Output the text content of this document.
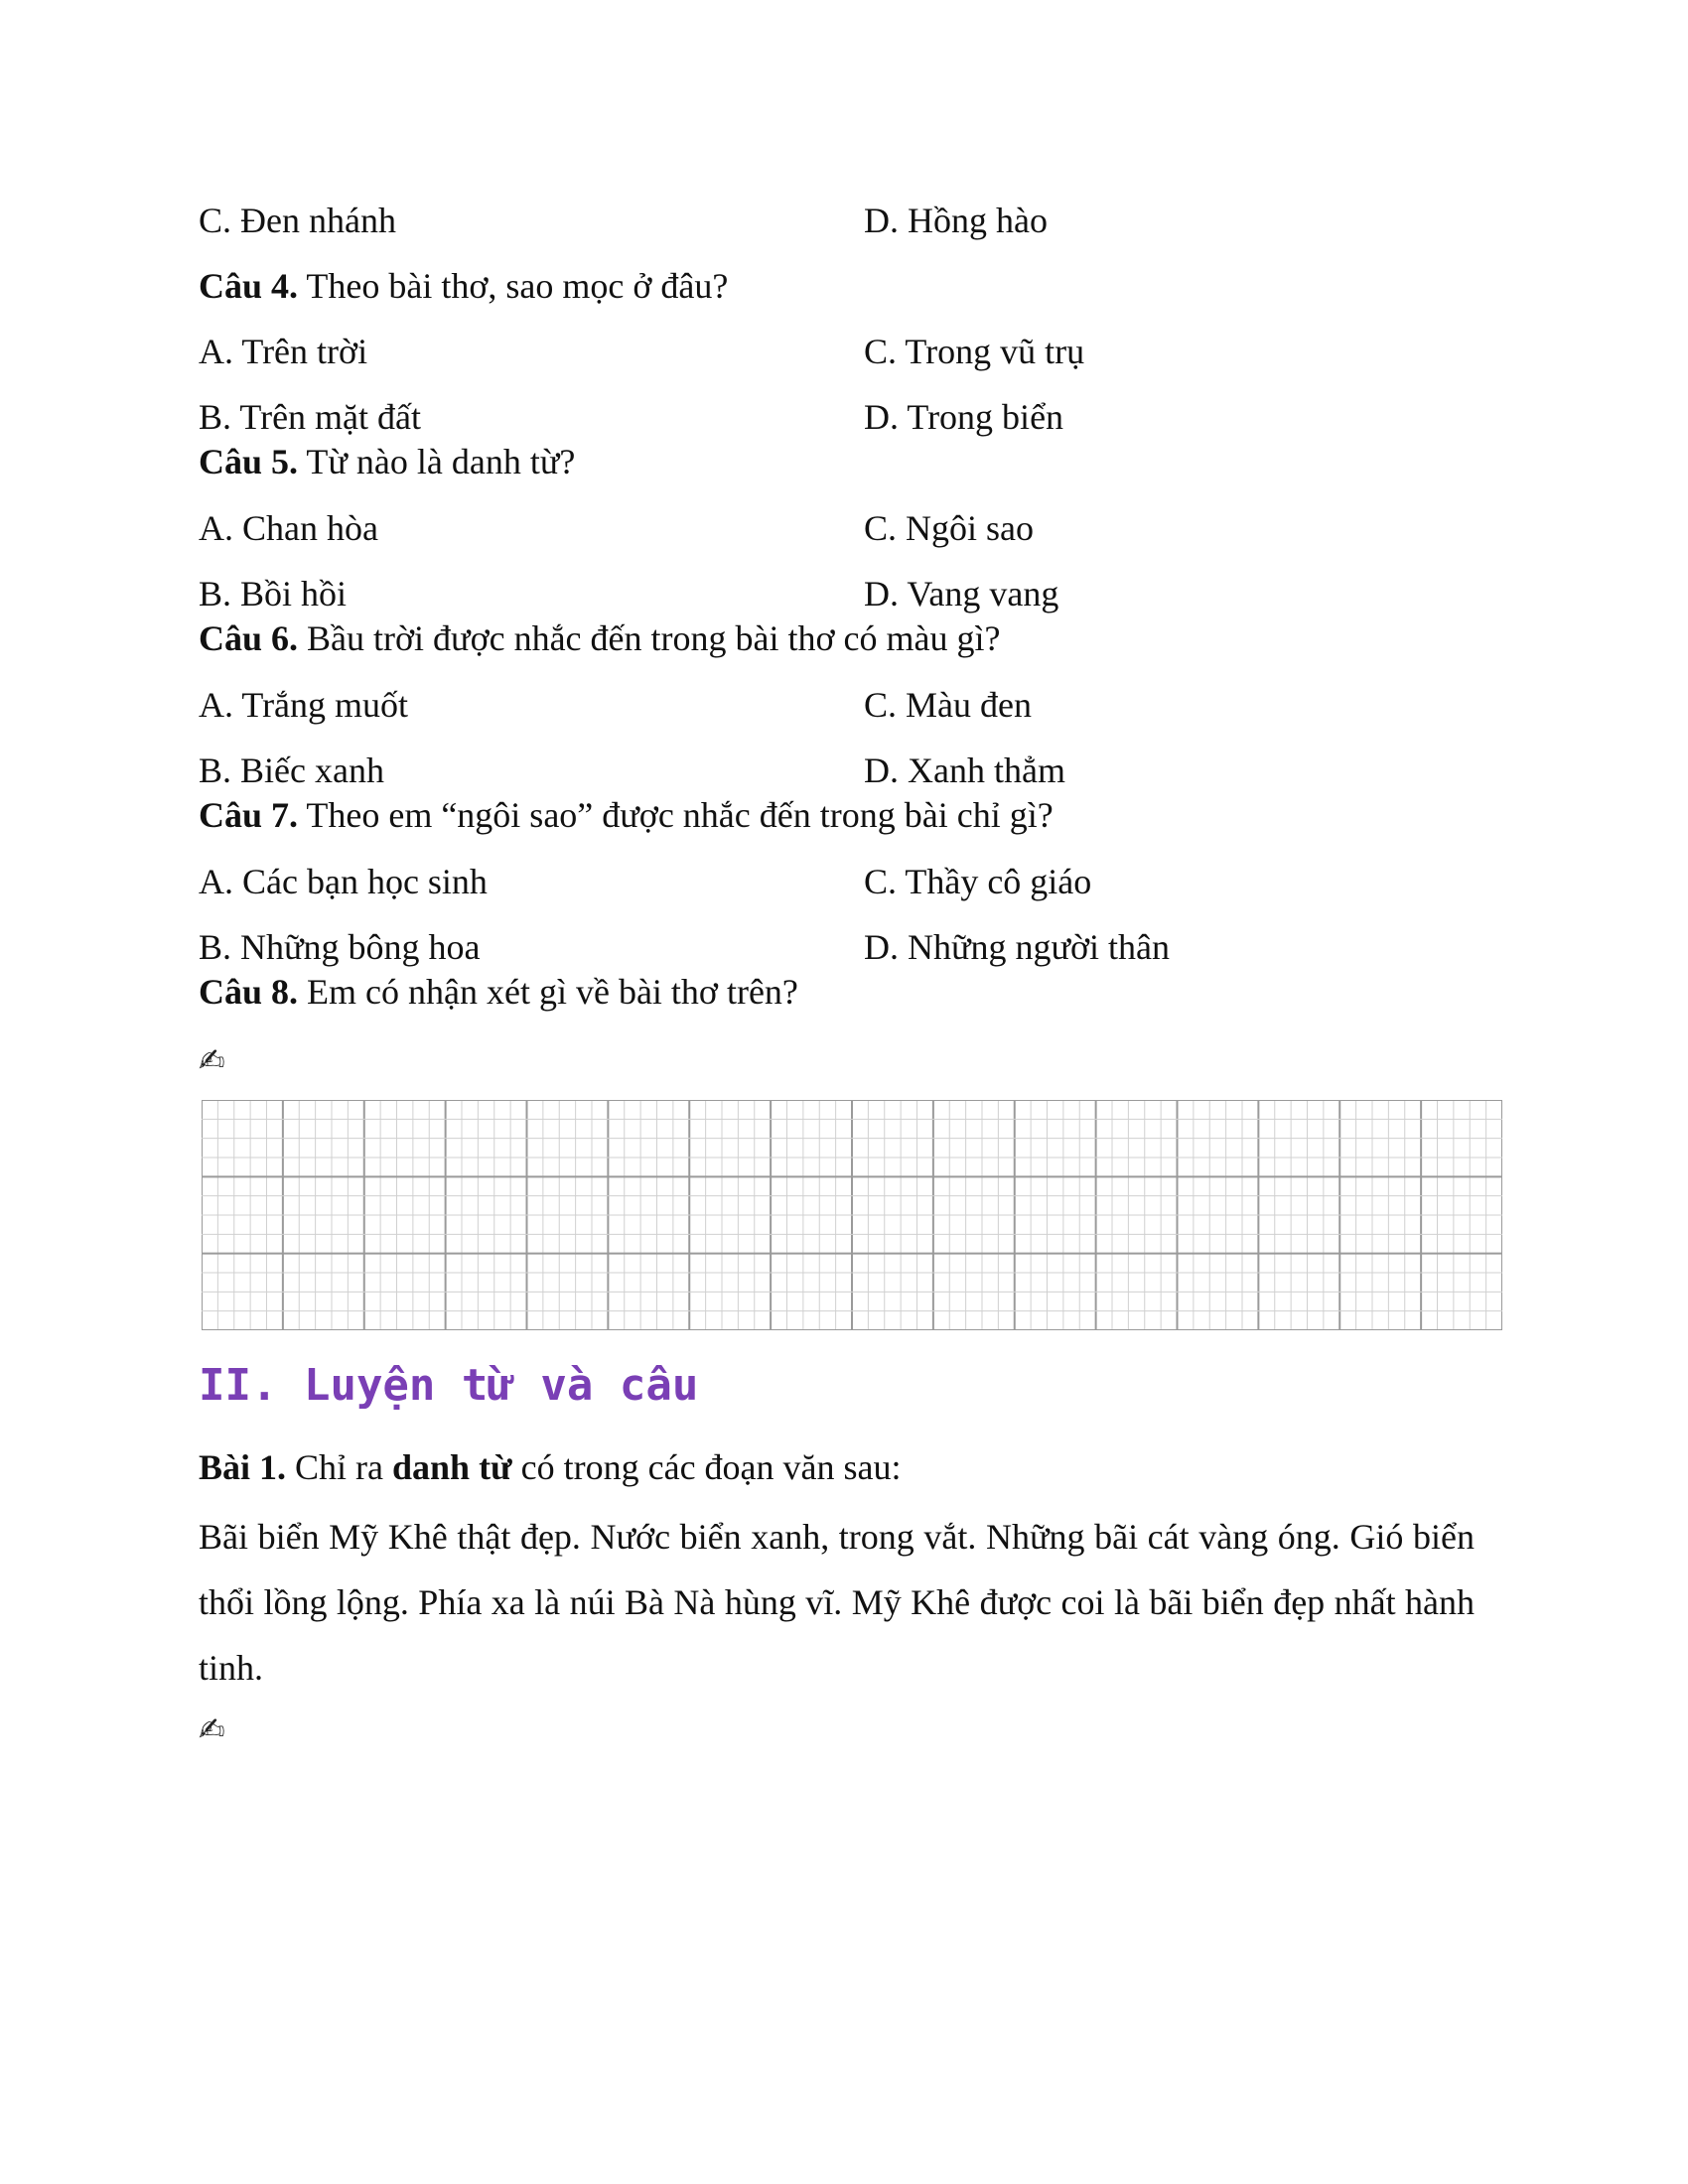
C. Đen nhánh	D. Hồng hào
Câu 4. Theo bài thơ, sao mọc ở đâu?
A. Trên trời	C. Trong vũ trụ
B. Trên mặt đất	D. Trong biển
Câu 5. Từ nào là danh từ?
A. Chan hòa	C. Ngôi sao
B. Bồi hồi	D. Vang vang
Câu 6. Bầu trời được nhắc đến trong bài thơ có màu gì?
A. Trắng muốt	C. Màu đen
B. Biếc xanh	D. Xanh thẳm
Câu 7. Theo em “ngôi sao” được nhắc đến trong bài chỉ gì?
A. Các bạn học sinh	C. Thầy cô giáo
B. Những bông hoa	D. Những người thân
Câu 8. Em có nhận xét gì về bài thơ trên?
✍
II. Luyện từ và câu
Bài 1. Chỉ ra danh từ có trong các đoạn văn sau:
Bãi biển Mỹ Khê thật đẹp. Nước biển xanh, trong vắt. Những bãi cát vàng óng. Gió biển thổi lồng lộng. Phía xa là núi Bà Nà hùng vĩ. Mỹ Khê được coi là bãi biển đẹp nhất hành tinh.
✍
